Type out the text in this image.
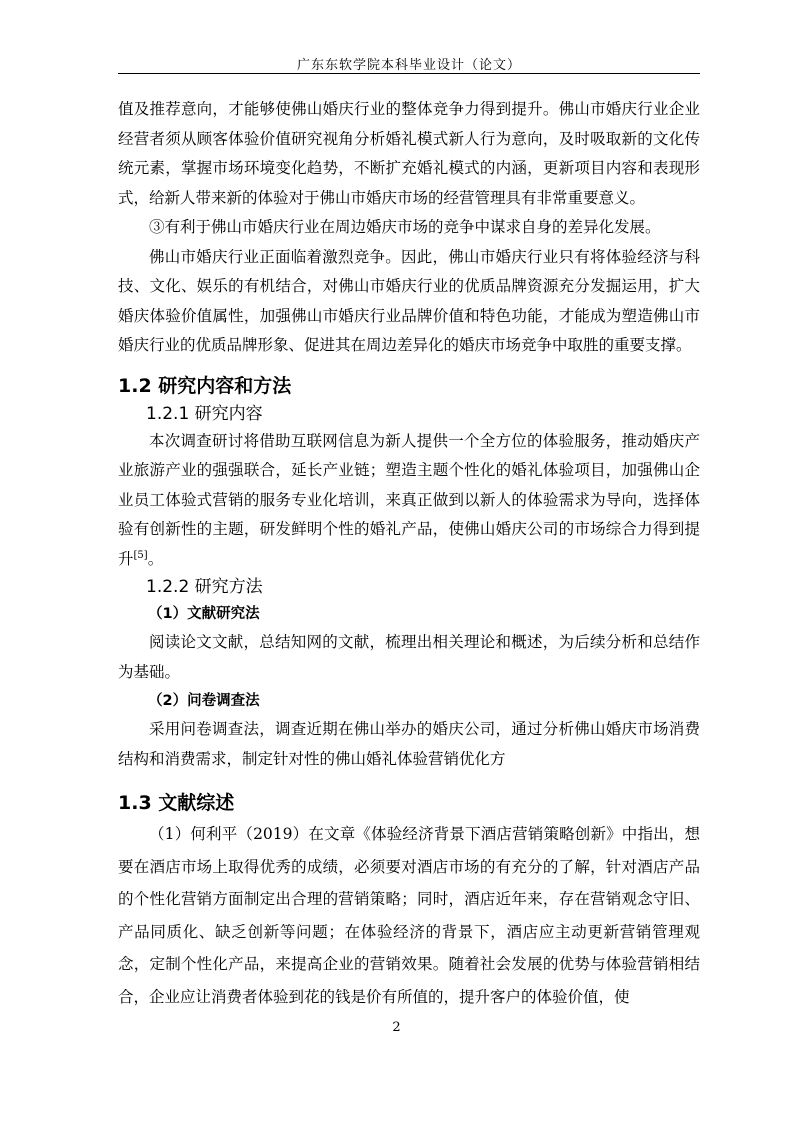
广东东软学院本科毕业设计（论文）

值及推荐意向，才能够使佛山婚庆行业的整体竞争力得到提升。佛山市婚庆行业企业经营者须从顾客体验价值研究视角分析婚礼模式新人行为意向，及时吸取新的文化传统元素，掌握市场环境变化趋势，不断扩充婚礼模式的内涵，更新项目内容和表现形式，给新人带来新的体验对于佛山市婚庆市场的经营管理具有非常重要意义。

③有利于佛山市婚庆行业在周边婚庆市场的竞争中谋求自身的差异化发展。

佛山市婚庆行业正面临着激烈竞争。因此，佛山市婚庆行业只有将体验经济与科技、文化、娱乐的有机结合，对佛山市婚庆行业的优质品牌资源充分发掘运用，扩大婚庆体验价值属性，加强佛山市婚庆行业品牌价值和特色功能，才能成为塑造佛山市婚庆行业的优质品牌形象、促进其在周边差异化的婚庆市场竞争中取胜的重要支撑。

1.2 研究内容和方法
1.2.1 研究内容

本次调查研讨将借助互联网信息为新人提供一个全方位的体验服务，推动婚庆产业旅游产业的强强联合，延长产业链；塑造主题个性化的婚礼体验项目，加强佛山企业员工体验式营销的服务专业化培训，来真正做到以新人的体验需求为导向，选择体验有创新性的主题，研发鲜明个性的婚礼产品，使佛山婚庆公司的市场综合力得到提升[5]。

1.2.2 研究方法
（1）文献研究法

阅读论文文献，总结知网的文献，梳理出相关理论和概述，为后续分析和总结作为基础。

（2）问卷调查法

采用问卷调查法，调查近期在佛山举办的婚庆公司，通过分析佛山婚庆市场消费结构和消费需求，制定针对性的佛山婚礼体验营销优化方

1.3 文献综述

（1）何利平（2019）在文章《体验经济背景下酒店营销策略创新》中指出，想要在酒店市场上取得优秀的成绩，必须要对酒店市场的有充分的了解，针对酒店产品的个性化营销方面制定出合理的营销策略；同时，酒店近年来，存在营销观念守旧、产品同质化、缺乏创新等问题；在体验经济的背景下，酒店应主动更新营销管理观念，定制个性化产品，来提高企业的营销效果。随着社会发展的优势与体验营销相结合，企业应让消费者体验到花的钱是价有所值的，提升客户的体验价值，使

2
